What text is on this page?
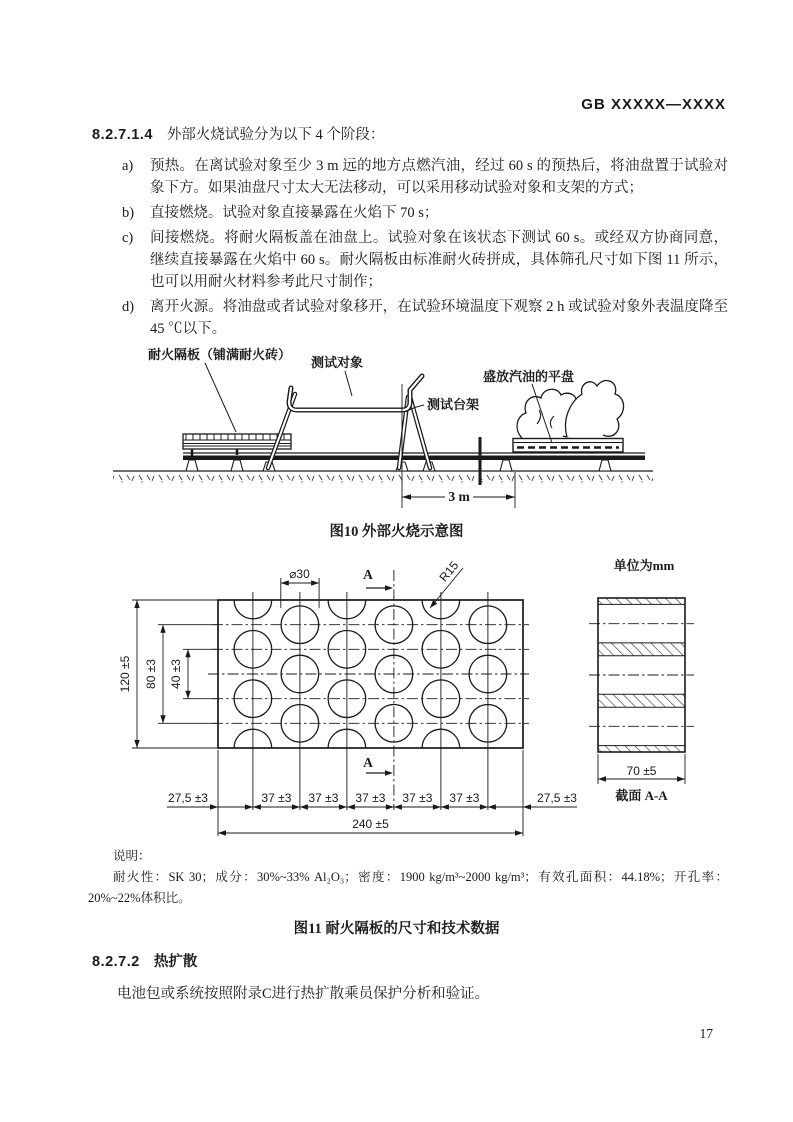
GB XXXXX—XXXX
8.2.7.1.4 外部火烧试验分为以下 4 个阶段：
a)	预热。在离试验对象至少 3 m 远的地方点燃汽油，经过 60 s 的预热后，将油盘置于试验对象下方。如果油盘尺寸太大无法移动，可以采用移动试验对象和支架的方式；
b)	直接燃烧。试验对象直接暴露在火焰下 70 s；
c)	间接燃烧。将耐火隔板盖在油盘上。试验对象在该状态下测试 60 s。或经双方协商同意，继续直接暴露在火焰中 60 s。耐火隔板由标准耐火砖拼成，具体筛孔尺寸如下图 11 所示，也可以用耐火材料参考此尺寸制作；
d)	离开火源。将油盘或者试验对象移开，在试验环境温度下观察 2 h 或试验对象外表温度降至 45 ℃以下。
3 m
耐火隔板（铺满耐火砖）
测试对象
测试台架
盛放汽油的平盘
图10 外部火烧示意图
单位为mm
120 ±5 80 ±3 40 ±3
⌀30	A
A
R15
27,5 ±3	37 ±3 37 ±3 37 ±3 37 ±3 37 ±3	27,5 ±3
240 ±5
70 ±5
截面 A-A

说明：

耐火性：SK 30；成分：30%~33% Al₂O₃；密度：1900 kg/m³~2000 kg/m³；有效孔面积：44.18%；开孔率：20%~22%体积比。

图11 耐火隔板的尺寸和技术数据
8.2.7.2 热扩散
电池包或系统按照附录C进行热扩散乘员保护分析和验证。
17
